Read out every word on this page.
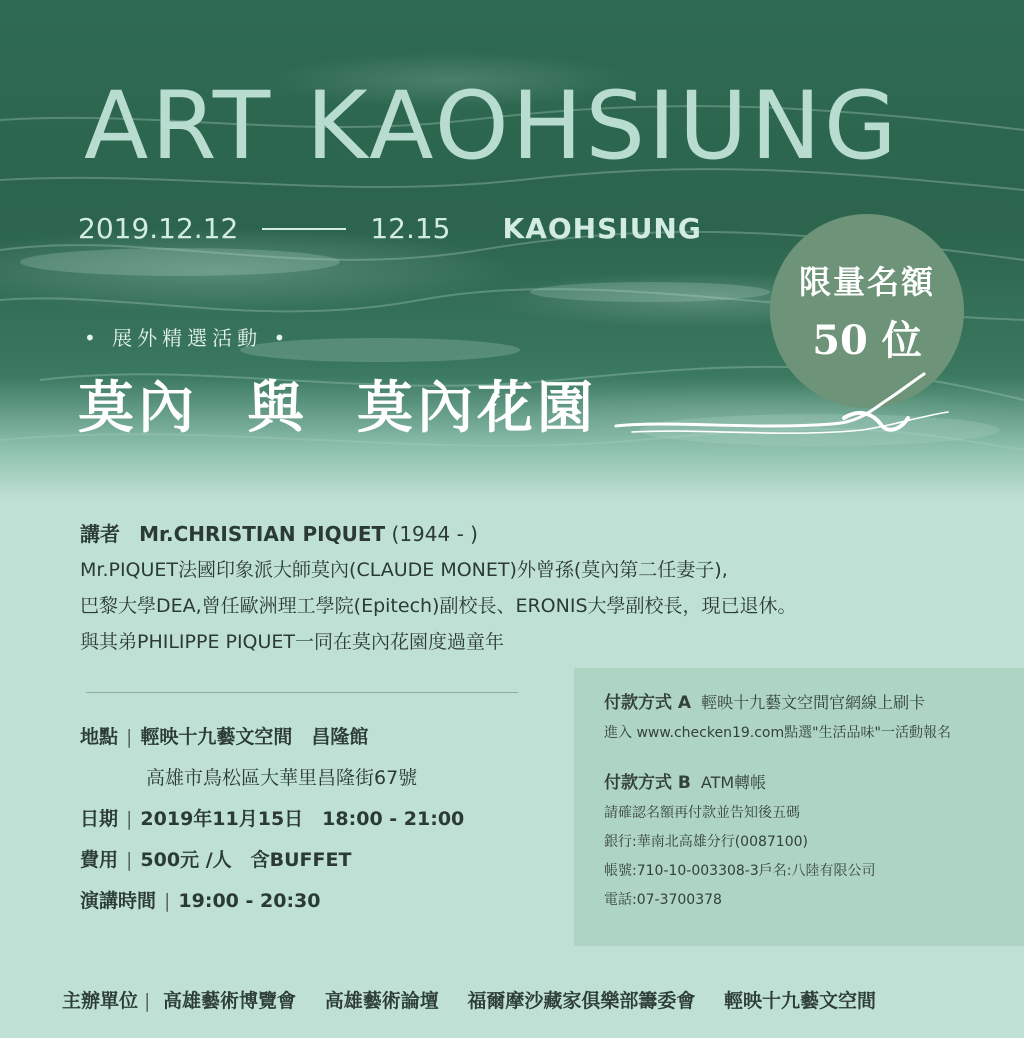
ART KAOHSIUNG
2019.12.12	12.15 KAOHSIUNG
限量名額
50 位
• 展外精選活動 •
莫內 與 莫內花園
講者 Mr.CHRISTIAN PIQUET (1944 - )
Mr.PIQUET法國印象派大師莫內(CLAUDE MONET)外曾孫(莫內第二任妻子),
巴黎大學DEA,曾任歐洲理工學院(Epitech)副校長、ERONIS大學副校長，現已退休。
與其弟PHILIPPE PIQUET一同在莫內花園度過童年
地點 | 輕映十九藝文空間　昌隆館
高雄市鳥松區大華里昌隆街67號
日期 | 2019年11月15日　18:00 - 21:00
費用 | 500元 /人　含BUFFET
演講時間 | 19:00 - 20:30
付款方式 A 輕映十九藝文空間官網線上刷卡
進入 www.checken19.com點選"生活品味"一活動報名
付款方式 B ATM轉帳
請確認名額再付款並告知後五碼
銀行:華南北高雄分行(0087100)
帳號:710-10-003308-3戶名:八陸有限公司
電話:07-3700378
主辦單位 | 高雄藝術博覽會 高雄藝術論壇 福爾摩沙藏家俱樂部籌委會 輕映十九藝文空間
